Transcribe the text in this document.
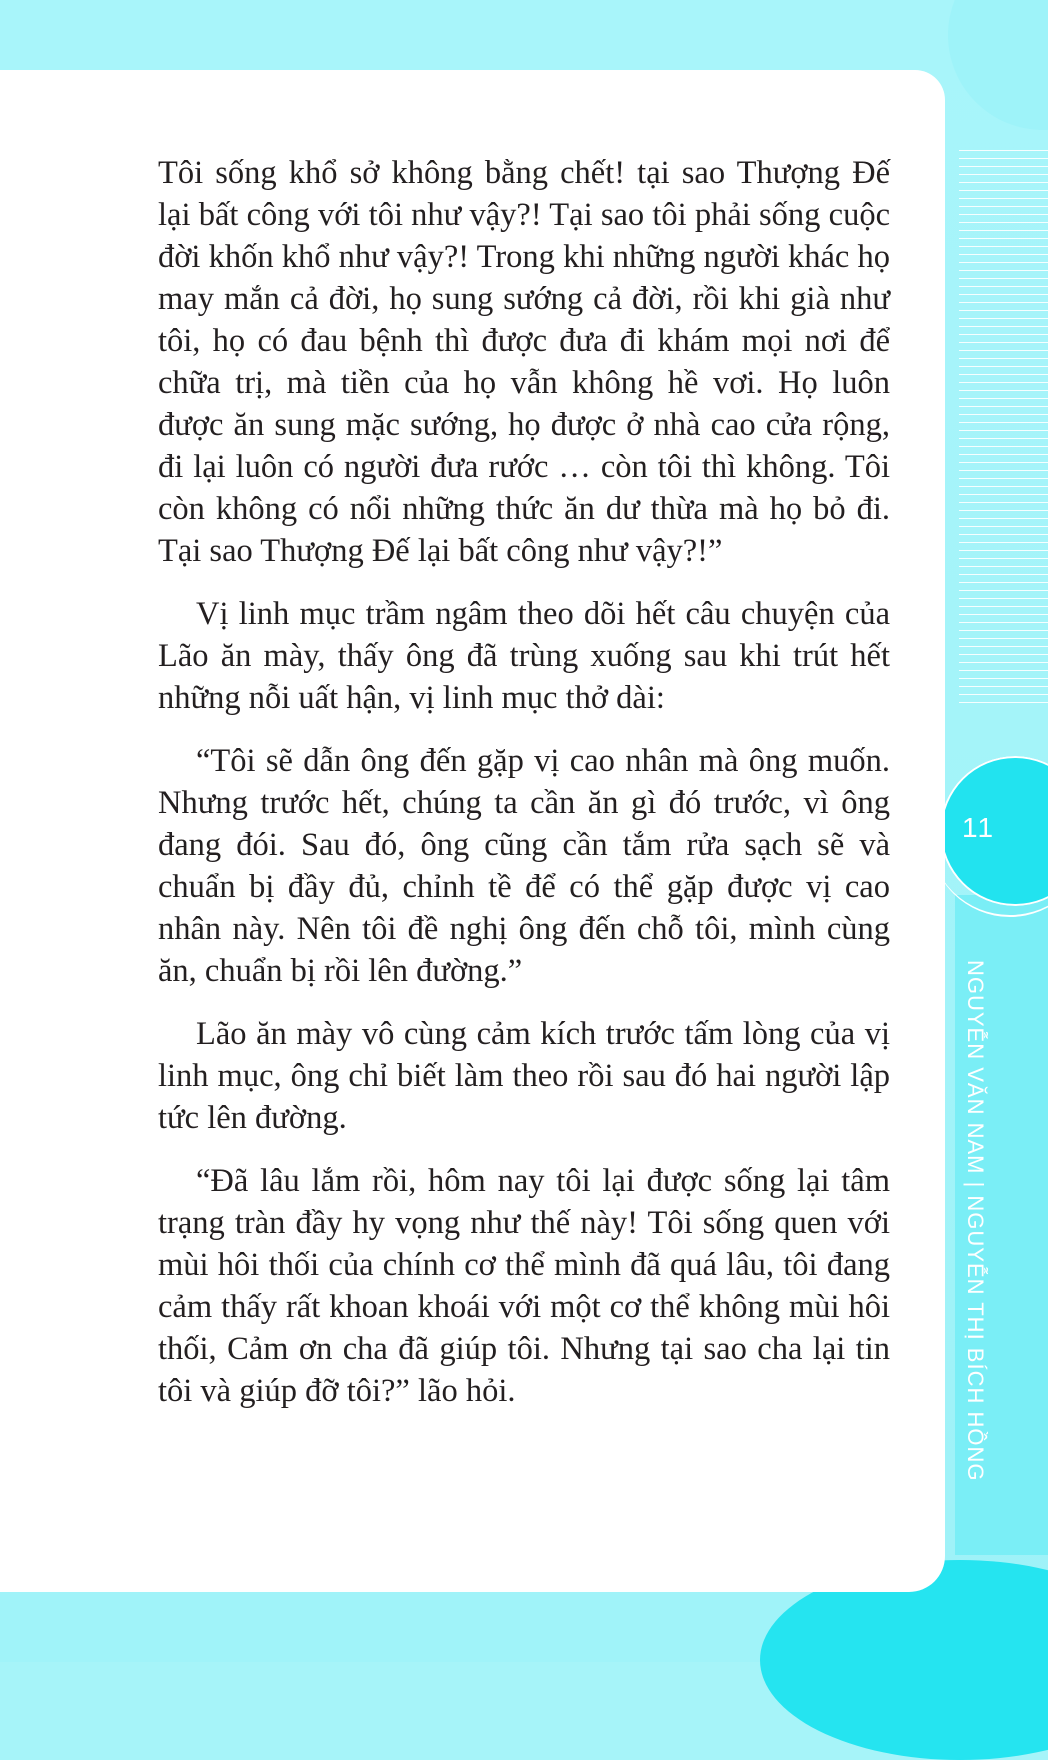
NGUYỄN VĂN NAM | NGUYỄN THỊ BÍCH HỒNG
11

Tôi sống khổ sở không bằng chết! tại sao Thượng Đế lại bất công với tôi như vậy?! Tại sao tôi phải sống cuộc đời khốn khổ như vậy?! Trong khi những người khác họ may mắn cả đời, họ sung sướng cả đời, rồi khi già như tôi, họ có đau bệnh thì được đưa đi khám mọi nơi để chữa trị, mà tiền của họ vẫn không hề vơi. Họ luôn được ăn sung mặc sướng, họ được ở nhà cao cửa rộng, đi lại luôn có người đưa rước … còn tôi thì không. Tôi còn không có nổi những thức ăn dư thừa mà họ bỏ đi. Tại sao Thượng Đế lại bất công như vậy?!”

Vị linh mục trầm ngâm theo dõi hết câu chuyện của Lão ăn mày, thấy ông đã trùng xuống sau khi trút hết những nỗi uất hận, vị linh mục thở dài:

“Tôi sẽ dẫn ông đến gặp vị cao nhân mà ông muốn. Nhưng trước hết, chúng ta cần ăn gì đó trước, vì ông đang đói. Sau đó, ông cũng cần tắm rửa sạch sẽ và chuẩn bị đầy đủ, chỉnh tề để có thể gặp được vị cao nhân này. Nên tôi đề nghị ông đến chỗ tôi, mình cùng ăn, chuẩn bị rồi lên đường.”

Lão ăn mày vô cùng cảm kích trước tấm lòng của vị linh mục, ông chỉ biết làm theo rồi sau đó hai người lập tức lên đường.

“Đã lâu lắm rồi, hôm nay tôi lại được sống lại tâm trạng tràn đầy hy vọng như thế này! Tôi sống quen với mùi hôi thối của chính cơ thể mình đã quá lâu, tôi đang cảm thấy rất khoan khoái với một cơ thể không mùi hôi thối, Cảm ơn cha đã giúp tôi. Nhưng tại sao cha lại tin tôi và giúp đỡ tôi?” lão hỏi.
